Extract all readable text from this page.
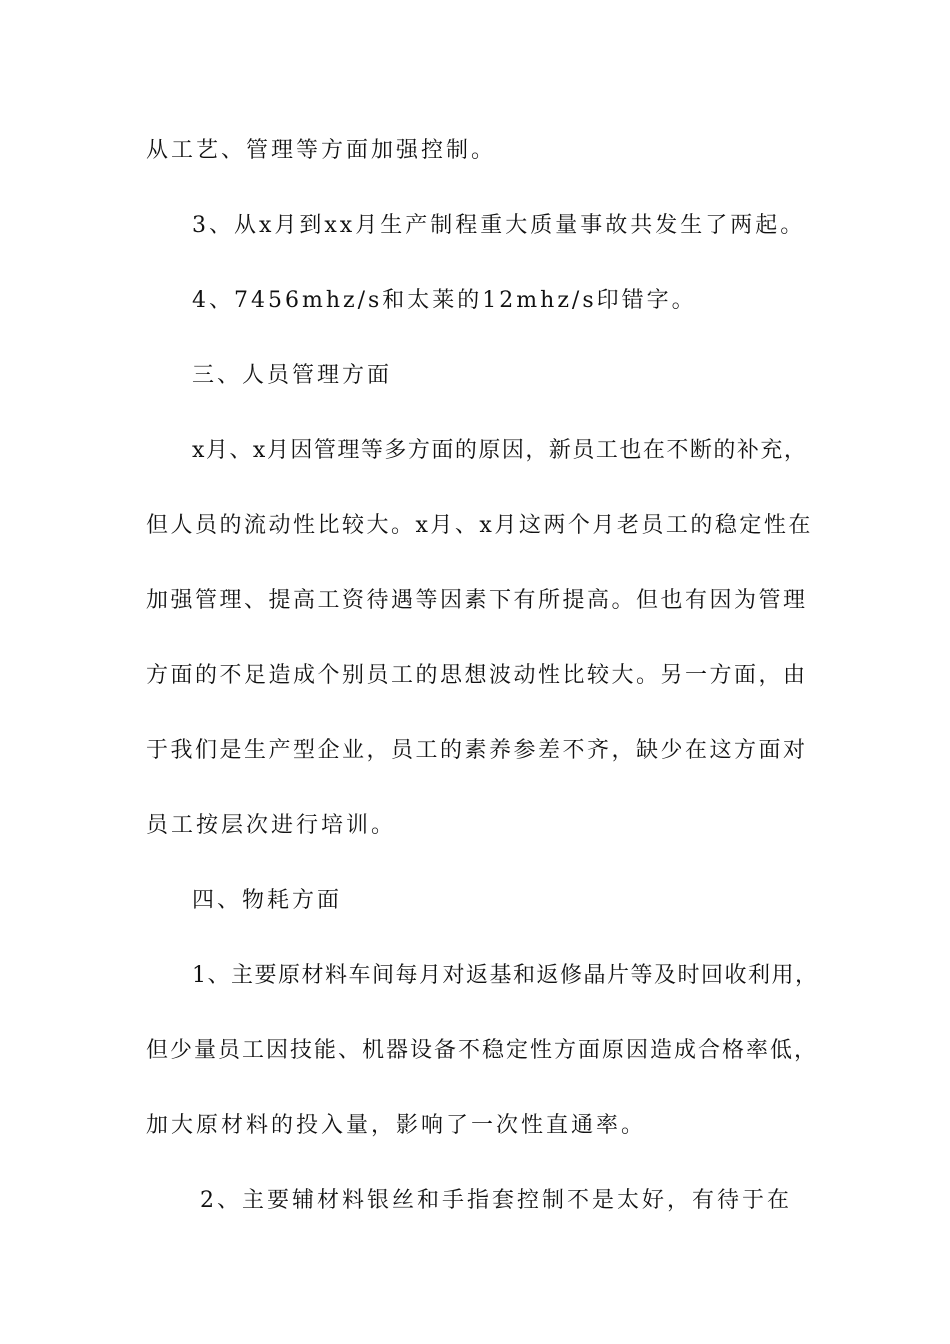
从工艺、管理等方面加强控制。
3、从x月到xx月生产制程重大质量事故共发生了两起。
4、7456mhz/s和太莱的12mhz/s印错字。
三、人员管理方面
x月、x月因管理等多方面的原因，新员工也在不断的补充，
但人员的流动性比较大。x月、x月这两个月老员工的稳定性在
加强管理、提高工资待遇等因素下有所提高。但也有因为管理
方面的不足造成个别员工的思想波动性比较大。另一方面，由
于我们是生产型企业，员工的素养参差不齐，缺少在这方面对
员工按层次进行培训。
四、物耗方面
1、主要原材料车间每月对返基和返修晶片等及时回收利用，
但少量员工因技能、机器设备不稳定性方面原因造成合格率低，
加大原材料的投入量，影响了一次性直通率。
2、主要辅材料银丝和手指套控制不是太好，有待于在
